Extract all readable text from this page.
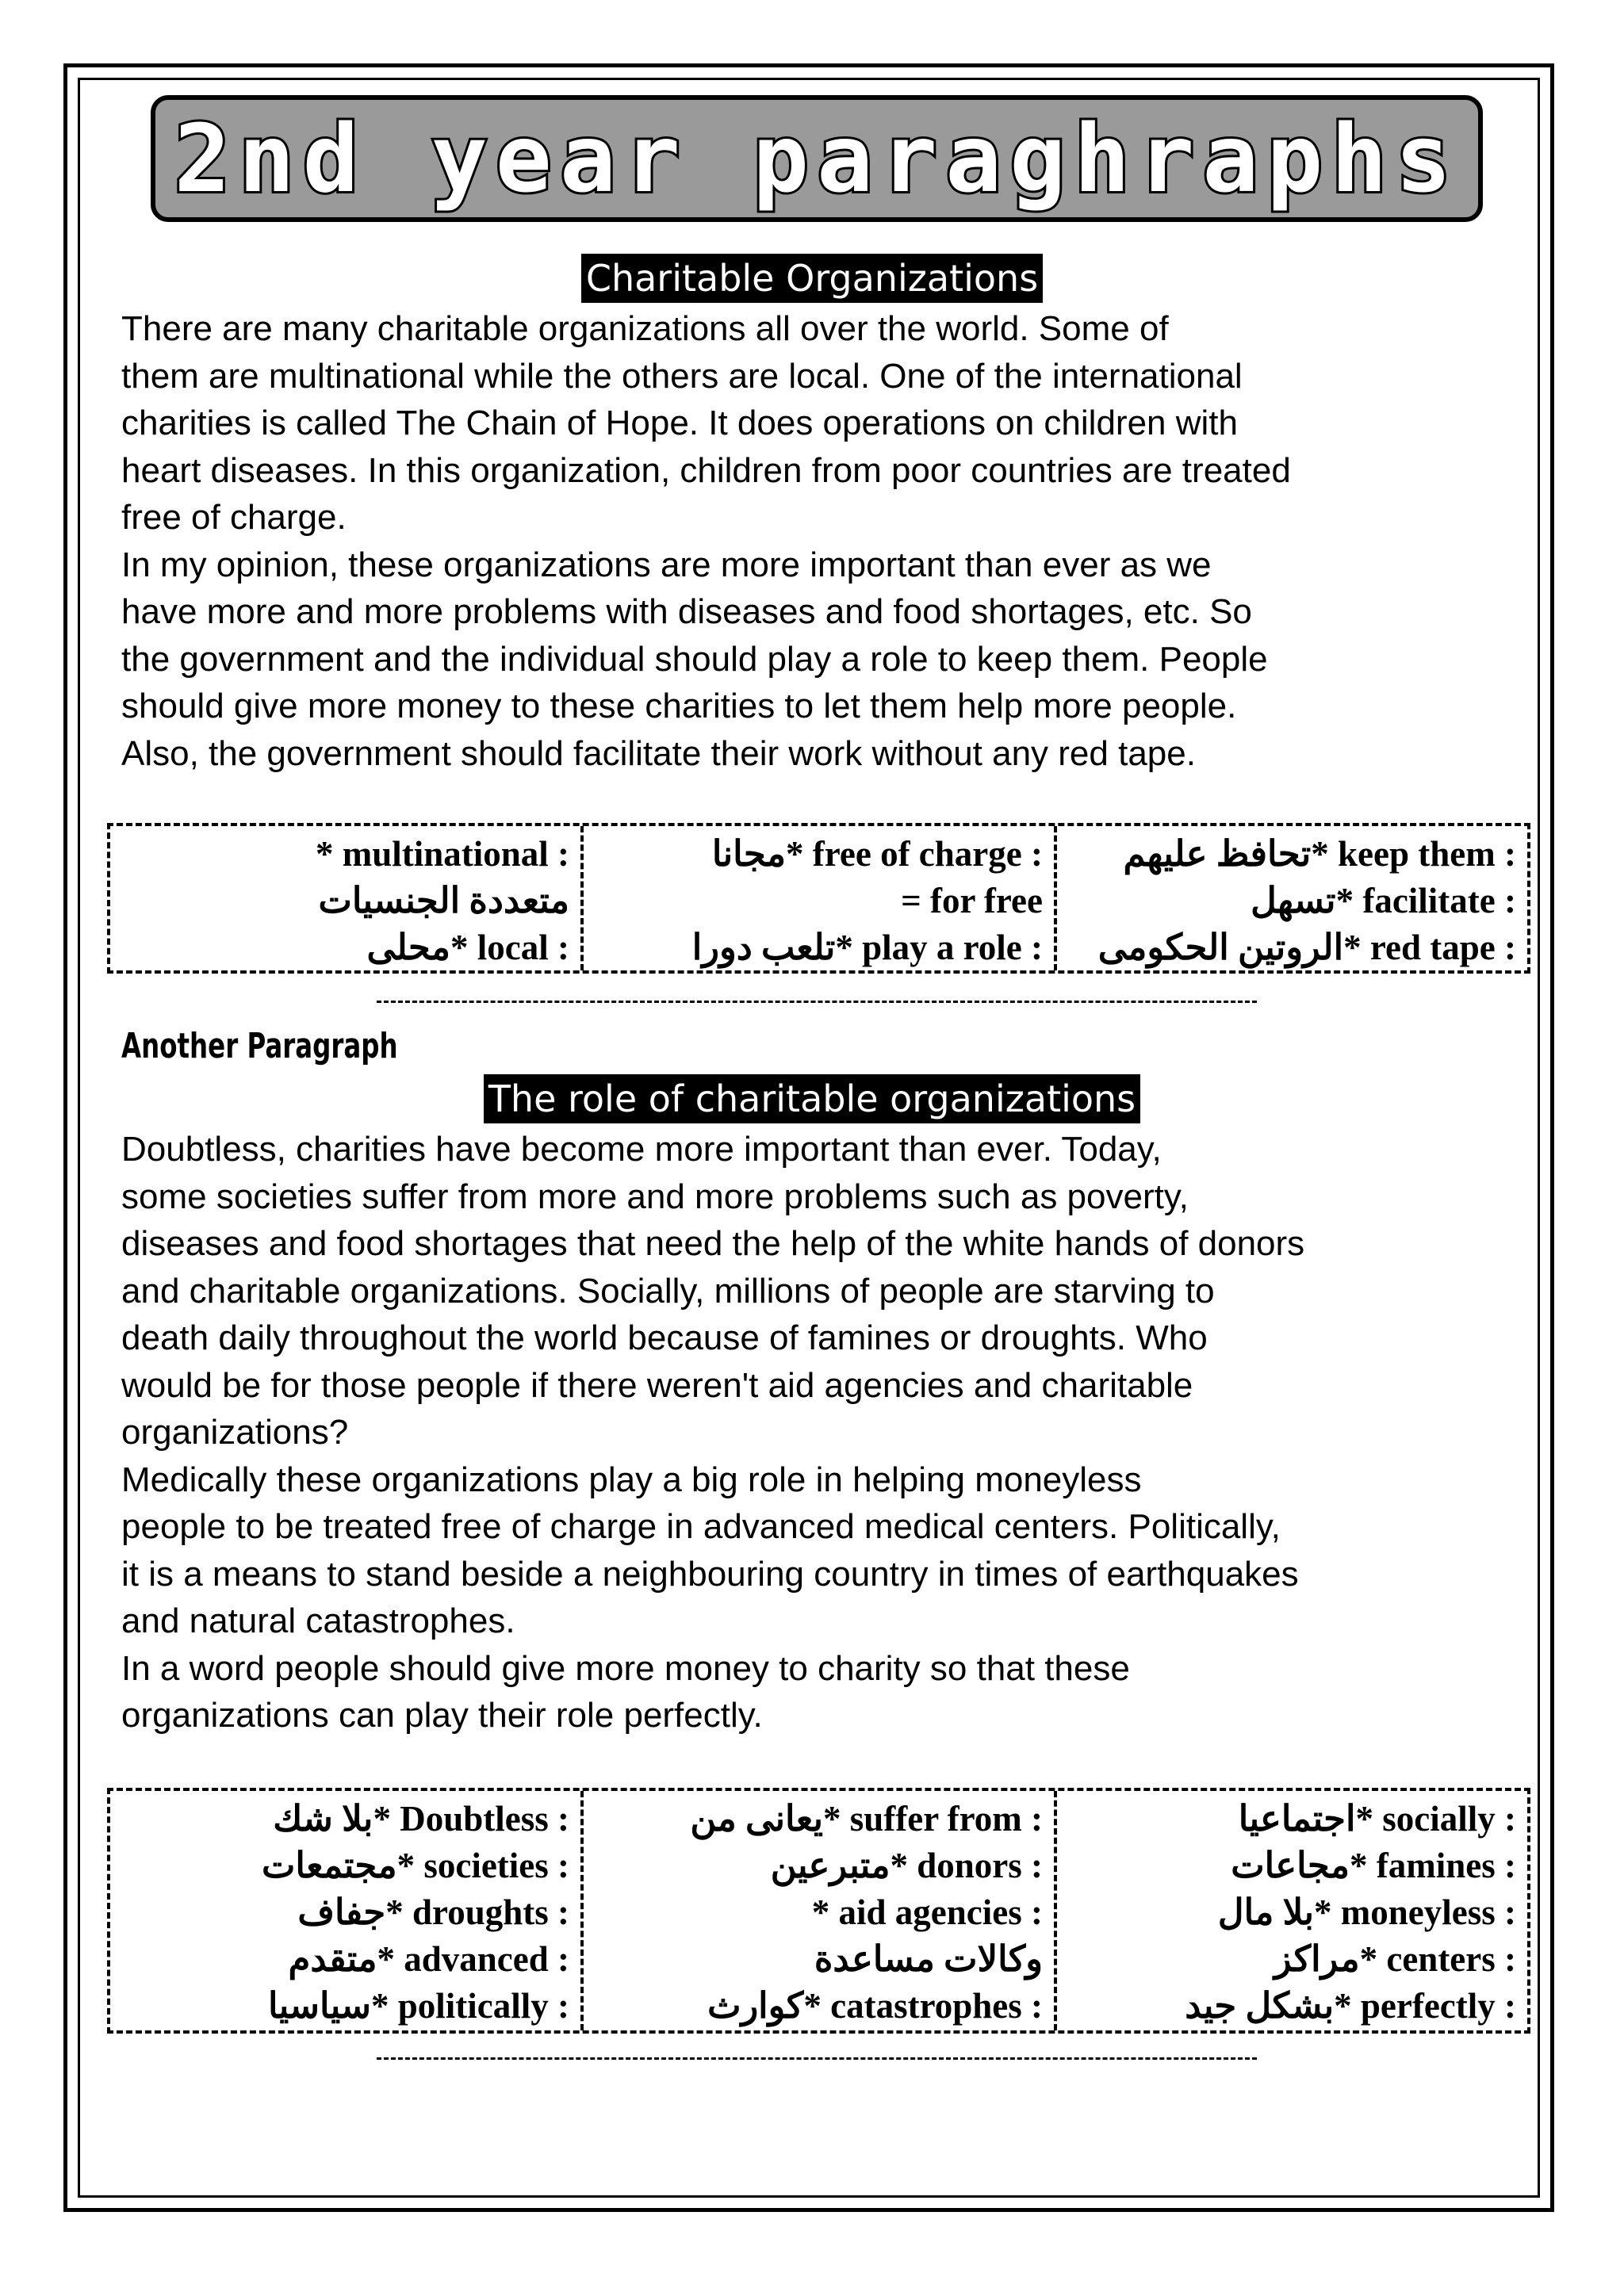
2nd year paraghraphs
Charitable Organizations

There are many charitable organizations all over the world. Some of

them are multinational while the others are local. One of the international

charities is called The Chain of Hope. It does operations on children with

heart diseases. In this organization, children from poor countries are treated

free of charge.

In my opinion, these organizations are more important than ever as we

have more and more problems with diseases and food shortages, etc. So

the government and the individual should play a role to keep them. People

should give more money to these charities to let them help more people.

Also, the government should facilitate their work without any red tape.

* multinational :
متعددة الجنسيات
محلى* local :
مجانا* free of charge :
= for free
تلعب دورا* play a role :
تحافظ عليهم* keep them :
تسهل* facilitate :
الروتين الحكومى* red tape :
Another Paragraph
The role of charitable organizations

Doubtless, charities have become more important than ever. Today,

some societies suffer from more and more problems such as poverty,

diseases and food shortages that need the help of the white hands of donors

and charitable organizations. Socially, millions of people are starving to

death daily throughout the world because of famines or droughts. Who

would be for those people if there weren't aid agencies and charitable

organizations?

Medically these organizations play a big role in helping moneyless

people to be treated free of charge in advanced medical centers. Politically,

it is a means to stand beside a neighbouring country in times of earthquakes

and natural catastrophes.

In a word people should give more money to charity so that these

organizations can play their role perfectly.

بلا شك* Doubtless :
مجتمعات* societies :
جفاف* droughts :
متقدم* advanced :
سياسيا* politically :
يعانى من* suffer from :
متبرعين* donors :
* aid agencies :
وكالات مساعدة
كوارث* catastrophes :
اجتماعيا* socially :
مجاعات* famines :
بلا مال* moneyless :
مراكز* centers :
بشكل جيد* perfectly :
